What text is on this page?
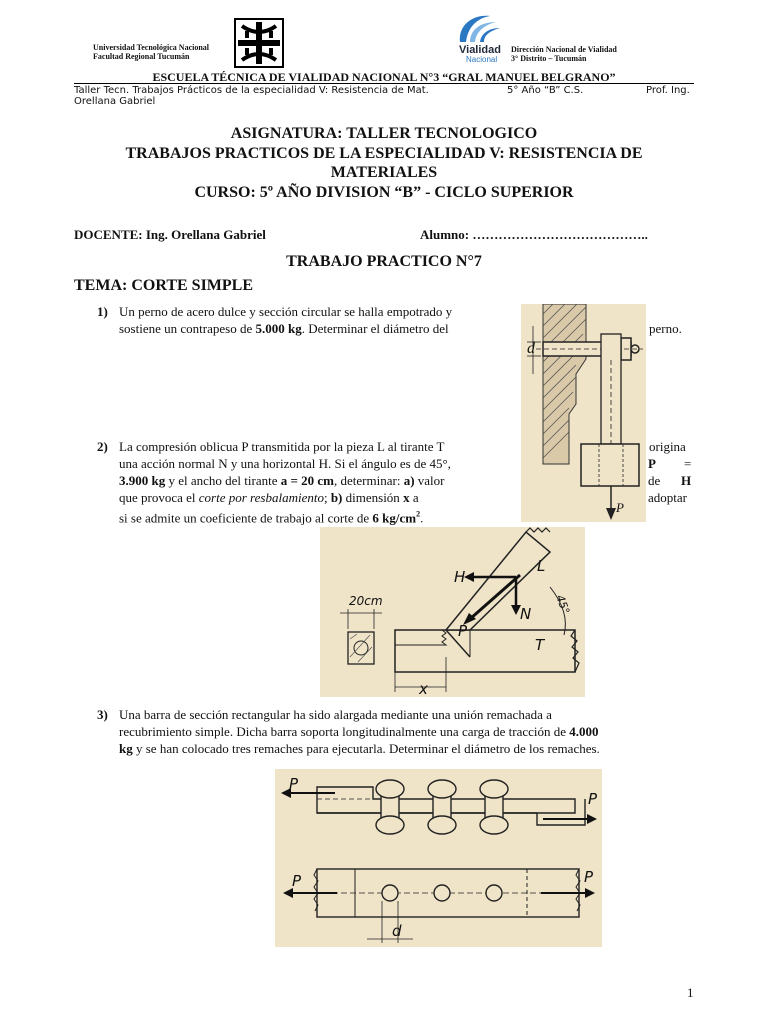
Universidad Tecnológica Nacional
Facultad Regional Tucumán
Vialidad
Nacional
Dirección Nacional de Vialidad
3° Distrito – Tucumán
ESCUELA TÉCNICA DE VIALIDAD NACIONAL N°3 “GRAL MANUEL BELGRANO”
Taller Tecn. Trabajos Prácticos de la especialidad V: Resistencia de Mat.	5° Año “B” C.S.	Prof. Ing.
Orellana Gabriel
ASIGNATURA: TALLER TECNOLOGICO
TRABAJOS PRACTICOS DE LA ESPECIALIDAD V: RESISTENCIA DE
MATERIALES
CURSO: 5º AÑO DIVISION “B” - CICLO SUPERIOR
DOCENTE: Ing. Orellana Gabriel	Alumno: …………………………………..
TRABAJO PRACTICO N°7
TEMA: CORTE SIMPLE
1) Un perno de acero dulce y sección circular se halla empotrado y
sostiene un contrapeso de 5.000 kg. Determinar el diámetro del	perno.
d
P
2) La compresión oblicua P transmitida por la pieza L al tirante T
una acción normal N y una horizontal H. Si el ángulo es de 45°,
3.900 kg y el ancho del tirante a = 20 cm, determinar: a) valor
que provoca el corte por resbalamiento; b) dimensión x a
si se admite un coeficiente de trabajo al corte de 6 $kg/cm^2$.
origina
P =
de H
adoptar
20cm
H
L
N
P
T
45°
x
3) Una barra de sección rectangular ha sido alargada mediante una unión remachada a
recubrimiento simple. Dicha barra soporta longitudinalmente una carga de tracción de 4.000
kg y se han colocado tres remaches para ejecutarla. Determinar el diámetro de los remaches.
P
P
P	P
d
1
